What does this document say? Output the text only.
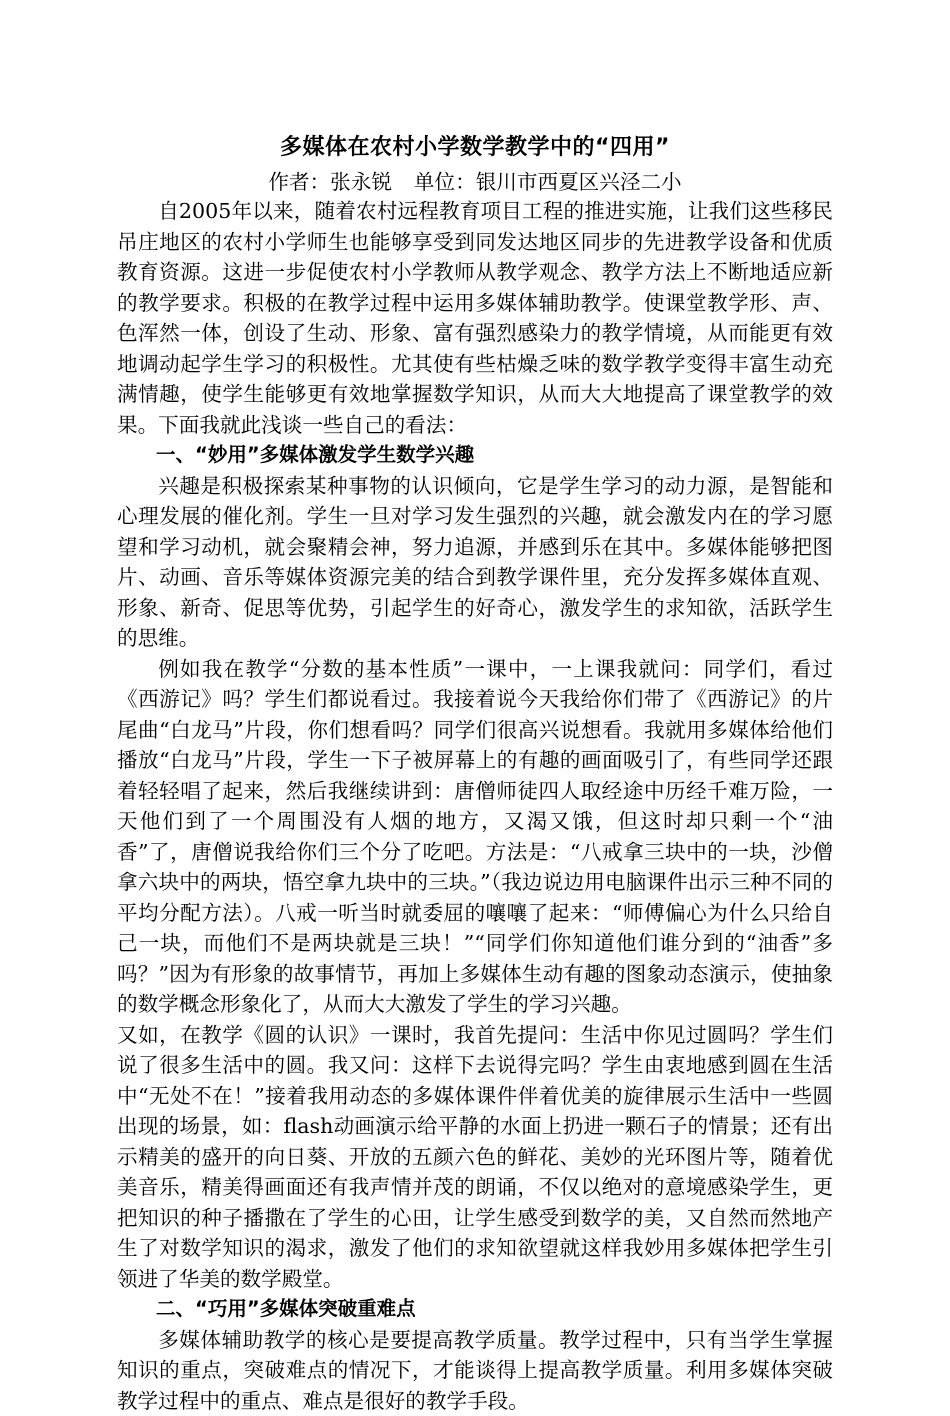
多媒体在农村小学数学教学中的“四用”

作者：张永锐 单位：银川市西夏区兴泾二小

自2005年以来，随着农村远程教育项目工程的推进实施，让我们这些移民吊庄地区的农村小学师生也能够享受到同发达地区同步的先进教学设备和优质教育资源。这进一步促使农村小学教师从教学观念、教学方法上不断地适应新的教学要求。积极的在教学过程中运用多媒体辅助教学。使课堂教学形、声、色浑然一体，创设了生动、形象、富有强烈感染力的教学情境，从而能更有效地调动起学生学习的积极性。尤其使有些枯燥乏味的数学教学变得丰富生动充满情趣，使学生能够更有效地掌握数学知识，从而大大地提高了课堂教学的效果。下面我就此浅谈一些自己的看法：

一、“妙用”多媒体激发学生数学兴趣

兴趣是积极探索某种事物的认识倾向，它是学生学习的动力源，是智能和心理发展的催化剂。学生一旦对学习发生强烈的兴趣，就会激发内在的学习愿望和学习动机，就会聚精会神，努力追源，并感到乐在其中。多媒体能够把图片、动画、音乐等媒体资源完美的结合到教学课件里，充分发挥多媒体直观、形象、新奇、促思等优势，引起学生的好奇心，激发学生的求知欲，活跃学生的思维。

例如我在教学“分数的基本性质”一课中，一上课我就问：同学们，看过《西游记》吗？学生们都说看过。我接着说今天我给你们带了《西游记》的片尾曲“白龙马”片段，你们想看吗？同学们很高兴说想看。我就用多媒体给他们播放“白龙马”片段，学生一下子被屏幕上的有趣的画面吸引了，有些同学还跟着轻轻唱了起来，然后我继续讲到：唐僧师徒四人取经途中历经千难万险，一天他们到了一个周围没有人烟的地方，又渴又饿，但这时却只剩一个“油香”了，唐僧说我给你们三个分了吃吧。方法是：“八戒拿三块中的一块，沙僧拿六块中的两块，悟空拿九块中的三块。”（我边说边用电脑课件出示三种不同的平均分配方法）。八戒一听当时就委屈的嚷嚷了起来：“师傅偏心为什么只给自己一块，而他们不是两块就是三块！”“同学们你知道他们谁分到的“油香”多吗？”因为有形象的故事情节，再加上多媒体生动有趣的图象动态演示，使抽象的数学概念形象化了，从而大大激发了学生的学习兴趣。

又如，在教学《圆的认识》一课时，我首先提问：生活中你见过圆吗？学生们说了很多生活中的圆。我又问：这样下去说得完吗？学生由衷地感到圆在生活中“无处不在！”接着我用动态的多媒体课件伴着优美的旋律展示生活中一些圆出现的场景，如：flash动画演示给平静的水面上扔进一颗石子的情景；还有出示精美的盛开的向日葵、开放的五颜六色的鲜花、美妙的光环图片等，随着优美音乐，精美得画面还有我声情并茂的朗诵，不仅以绝对的意境感染学生，更把知识的种子播撒在了学生的心田，让学生感受到数学的美，又自然而然地产生了对数学知识的渴求，激发了他们的求知欲望就这样我妙用多媒体把学生引领进了华美的数学殿堂。

二、“巧用”多媒体突破重难点

多媒体辅助教学的核心是要提高教学质量。教学过程中，只有当学生掌握知识的重点，突破难点的情况下，才能谈得上提高教学质量。利用多媒体突破教学过程中的重点、难点是很好的教学手段。
